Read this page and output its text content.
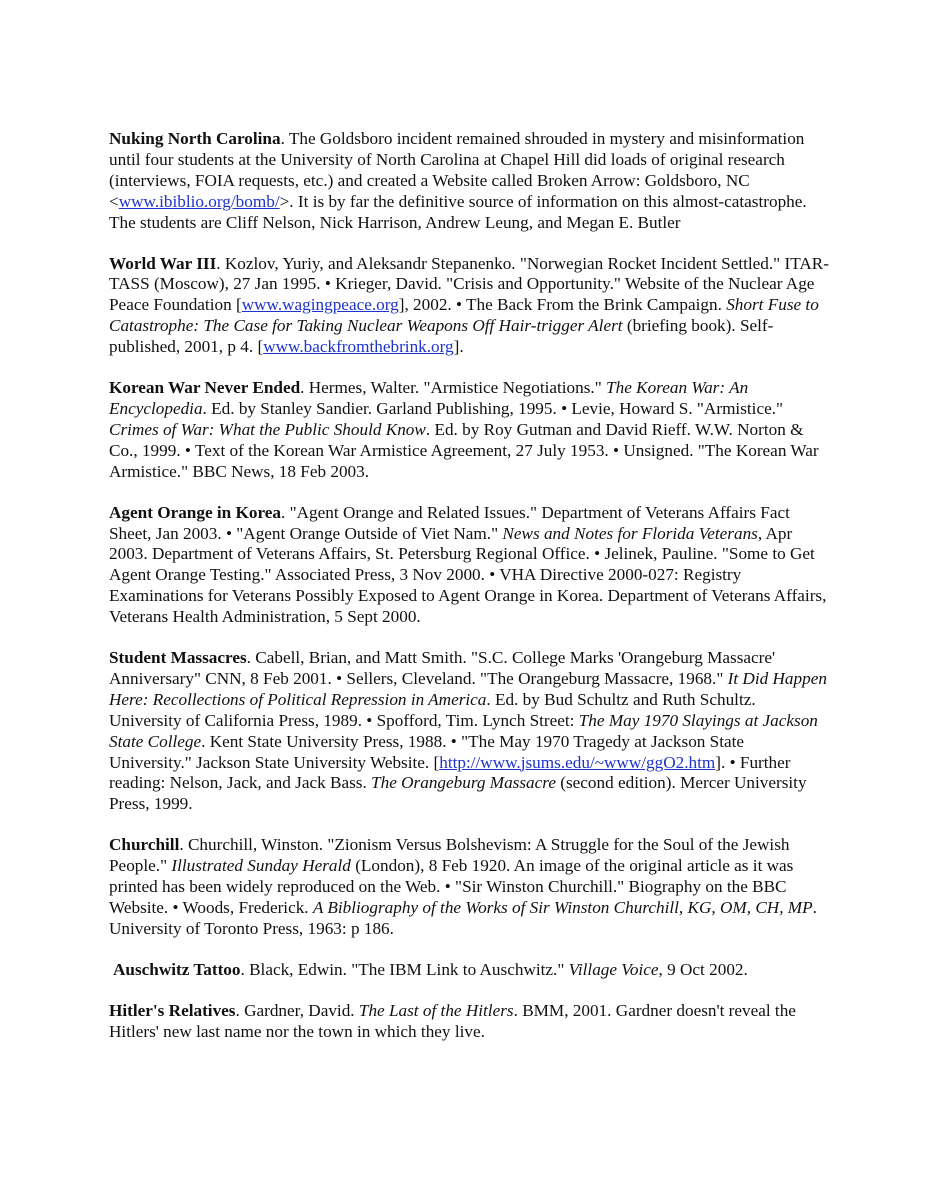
Nuking North Carolina. The Goldsboro incident remained shrouded in mystery and misinformation until four students at the University of North Carolina at Chapel Hill did loads of original research (interviews, FOIA requests, etc.) and created a Website called Broken Arrow: Goldsboro, NC <www.ibiblio.org/bomb/>. It is by far the definitive source of information on this almost-catastrophe. The students are Cliff Nelson, Nick Harrison, Andrew Leung, and Megan E. Butler

World War III. Kozlov, Yuriy, and Aleksandr Stepanenko. "Norwegian Rocket Incident Settled." ITAR-TASS (Moscow), 27 Jan 1995. • Krieger, David. "Crisis and Opportunity." Website of the Nuclear Age Peace Foundation [www.wagingpeace.org], 2002. • The Back From the Brink Campaign. Short Fuse to Catastrophe: The Case for Taking Nuclear Weapons Off Hair-trigger Alert (briefing book). Self-published, 2001, p 4. [www.backfromthebrink.org].

Korean War Never Ended. Hermes, Walter. "Armistice Negotiations." The Korean War: An Encyclopedia. Ed. by Stanley Sandier. Garland Publishing, 1995. • Levie, Howard S. "Armistice." Crimes of War: What the Public Should Know. Ed. by Roy Gutman and David Rieff. W.W. Norton & Co., 1999. • Text of the Korean War Armistice Agreement, 27 July 1953. • Unsigned. "The Korean War Armistice." BBC News, 18 Feb 2003.

Agent Orange in Korea. "Agent Orange and Related Issues." Department of Veterans Affairs Fact Sheet, Jan 2003. • "Agent Orange Outside of Viet Nam." News and Notes for Florida Veterans, Apr 2003. Department of Veterans Affairs, St. Petersburg Regional Office. • Jelinek, Pauline. "Some to Get Agent Orange Testing." Associated Press, 3 Nov 2000. • VHA Directive 2000-027: Registry Examinations for Veterans Possibly Exposed to Agent Orange in Korea. Department of Veterans Affairs, Veterans Health Administration, 5 Sept 2000.

Student Massacres. Cabell, Brian, and Matt Smith. "S.C. College Marks 'Orangeburg Massacre' Anniversary" CNN, 8 Feb 2001. • Sellers, Cleveland. "The Orangeburg Massacre, 1968." It Did Happen Here: Recollections of Political Repression in America. Ed. by Bud Schultz and Ruth Schultz. University of California Press, 1989. • Spofford, Tim. Lynch Street: The May 1970 Slayings at Jackson State College. Kent State University Press, 1988. • "The May 1970 Tragedy at Jackson State University." Jackson State University Website. [http://www.jsums.edu/~www/ggO2.htm]. • Further reading: Nelson, Jack, and Jack Bass. The Orangeburg Massacre (second edition). Mercer University Press, 1999.

Churchill. Churchill, Winston. "Zionism Versus Bolshevism: A Struggle for the Soul of the Jewish People." Illustrated Sunday Herald (London), 8 Feb 1920. An image of the original article as it was printed has been widely reproduced on the Web. • "Sir Winston Churchill." Biography on the BBC Website. • Woods, Frederick. A Bibliography of the Works of Sir Winston Churchill, KG, OM, CH, MP. University of Toronto Press, 1963: p 186.

Auschwitz Tattoo. Black, Edwin. "The IBM Link to Auschwitz." Village Voice, 9 Oct 2002.

Hitler's Relatives. Gardner, David. The Last of the Hitlers. BMM, 2001. Gardner doesn't reveal the Hitlers' new last name nor the town in which they live.
